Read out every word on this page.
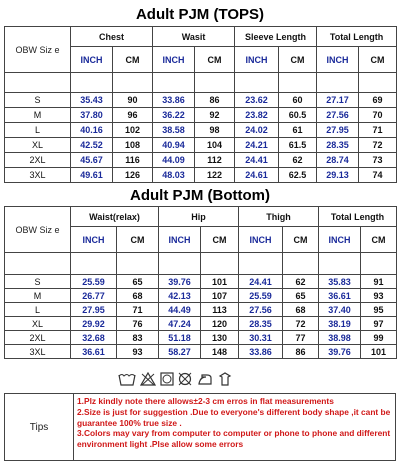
Adult PJM (TOPS)
OBW Siz e	Chest		Wasit		Sleeve Length		Total Length	
	INCH	CM	INCH	CM	INCH	CM	INCH	CM

S	35.43	90	33.86	86	23.62	60	27.17	69
M	37.80	96	36.22	92	23.82	60.5	27.56	70
L	40.16	102	38.58	98	24.02	61	27.95	71
XL	42.52	108	40.94	104	24.21	61.5	28.35	72
2XL	45.67	116	44.09	112	24.41	62	28.74	73
3XL	49.61	126	48.03	122	24.61	62.5	29.13	74
Adult PJM (Bottom)
OBW Siz e	Waist(relax)		Hip		Thigh		Total Length	
	INCH	CM	INCH	CM	INCH	CM	INCH	CM

S	25.59	65	39.76	101	24.41	62	35.83	91
M	26.77	68	42.13	107	25.59	65	36.61	93
L	27.95	71	44.49	113	27.56	68	37.40	95
XL	29.92	76	47.24	120	28.35	72	38.19	97
2XL	32.68	83	51.18	130	30.31	77	38.98	99
3XL	36.61	93	58.27	148	33.86	86	39.76	101
Tips
1.Plz kindly note there allows±2-3 cm erros in flat measurements
2.Size is just for suggestion .Due to everyone's different body shape ,it cant be guarantee 100% true size .
3.Colors may vary from computer to computer or phone to phone and different environment light .Plse allow some errors
